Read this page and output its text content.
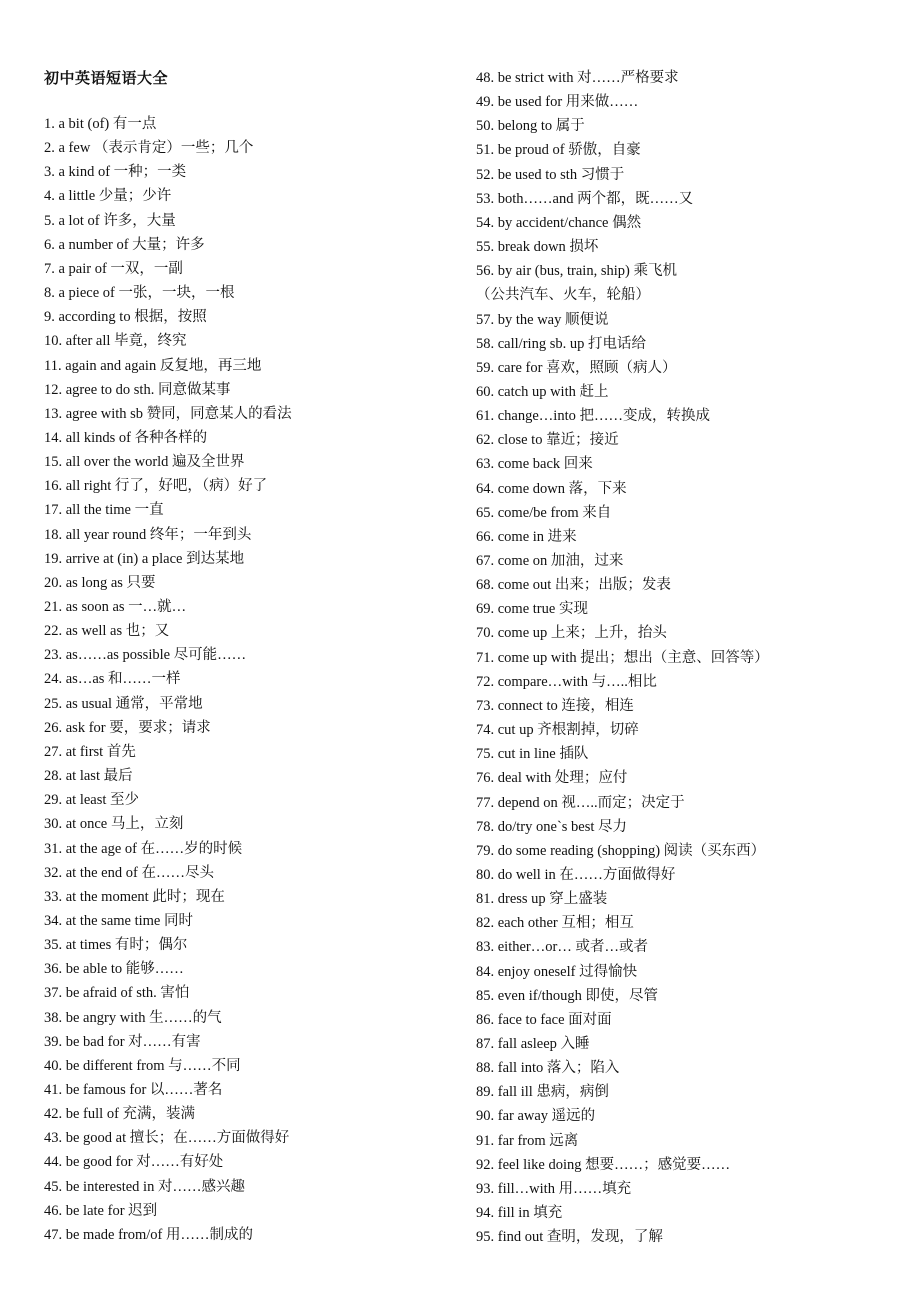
初中英语短语大全
1. a bit (of) 有一点
2. a few （表示肯定）一些；几个
3. a kind of 一种；一类
4. a little 少量；少许
5. a lot of 许多，大量
6. a number of 大量；许多
7. a pair of 一双，一副
8. a piece of 一张，一块，一根
9. according to 根据，按照
10. after all 毕竟，终究
11. again and again 反复地，再三地
12. agree to do sth. 同意做某事
13. agree with sb 赞同，同意某人的看法
14. all kinds of 各种各样的
15. all over the world 遍及全世界
16. all right 行了，好吧，（病）好了
17. all the time 一直
18. all year round 终年；一年到头
19. arrive at (in) a place 到达某地
20. as long as 只要
21. as soon as 一…就…
22. as well as 也；又
23. as……as possible 尽可能……
24. as…as 和……一样
25. as usual 通常，平常地
26. ask for 要，要求；请求
27. at first 首先
28. at last 最后
29. at least 至少
30. at once 马上，立刻
31. at the age of 在……岁的时候
32. at the end of 在……尽头
33. at the moment 此时；现在
34. at the same time 同时
35. at times 有时；偶尔
36. be able to 能够……
37. be afraid of sth. 害怕
38. be angry with 生……的气
39. be bad for 对……有害
40. be different from 与……不同
41. be famous for 以……著名
42. be full of 充满，装满
43. be good at 擅长；在……方面做得好
44. be good for 对……有好处
45. be interested in 对……感兴趣
46. be late for 迟到
47. be made from/of 用……制成的
48. be strict with 对……严格要求
49. be used for 用来做……
50. belong to 属于
51. be proud of 骄傲，自豪
52. be used to sth 习惯于
53. both……and 两个都，既……又
54. by accident/chance 偶然
55. break down 损坏
56. by air (bus, train, ship) 乘飞机
（公共汽车、火车，轮船）
57. by the way 顺便说
58. call/ring sb. up 打电话给
59. care for 喜欢，照顾（病人）
60. catch up with 赶上
61. change…into 把……变成，转换成
62. close to 靠近；接近
63. come back 回来
64. come down 落，下来
65. come/be from 来自
66. come in 进来
67. come on 加油，过来
68. come out 出来；出版；发表
69. come true 实现
70. come up 上来；上升，抬头
71. come up with 提出；想出（主意、回答等）
72. compare…with 与…..相比
73. connect to 连接，相连
74. cut up 齐根割掉，切碎
75. cut in line 插队
76. deal with 处理；应付
77. depend on 视…..而定；决定于
78. do/try one`s best 尽力
79. do some reading (shopping) 阅读（买东西）
80. do well in 在……方面做得好
81. dress up 穿上盛装
82. each other 互相；相互
83. either…or… 或者…或者
84. enjoy oneself 过得愉快
85. even if/though 即使，尽管
86. face to face 面对面
87. fall asleep 入睡
88. fall into 落入；陷入
89. fall ill 患病，病倒
90. far away 遥远的
91. far from 远离
92. feel like doing 想要……；感觉要……
93. fill…with 用……填充
94. fill in 填充
95. find out 查明，发现，了解
